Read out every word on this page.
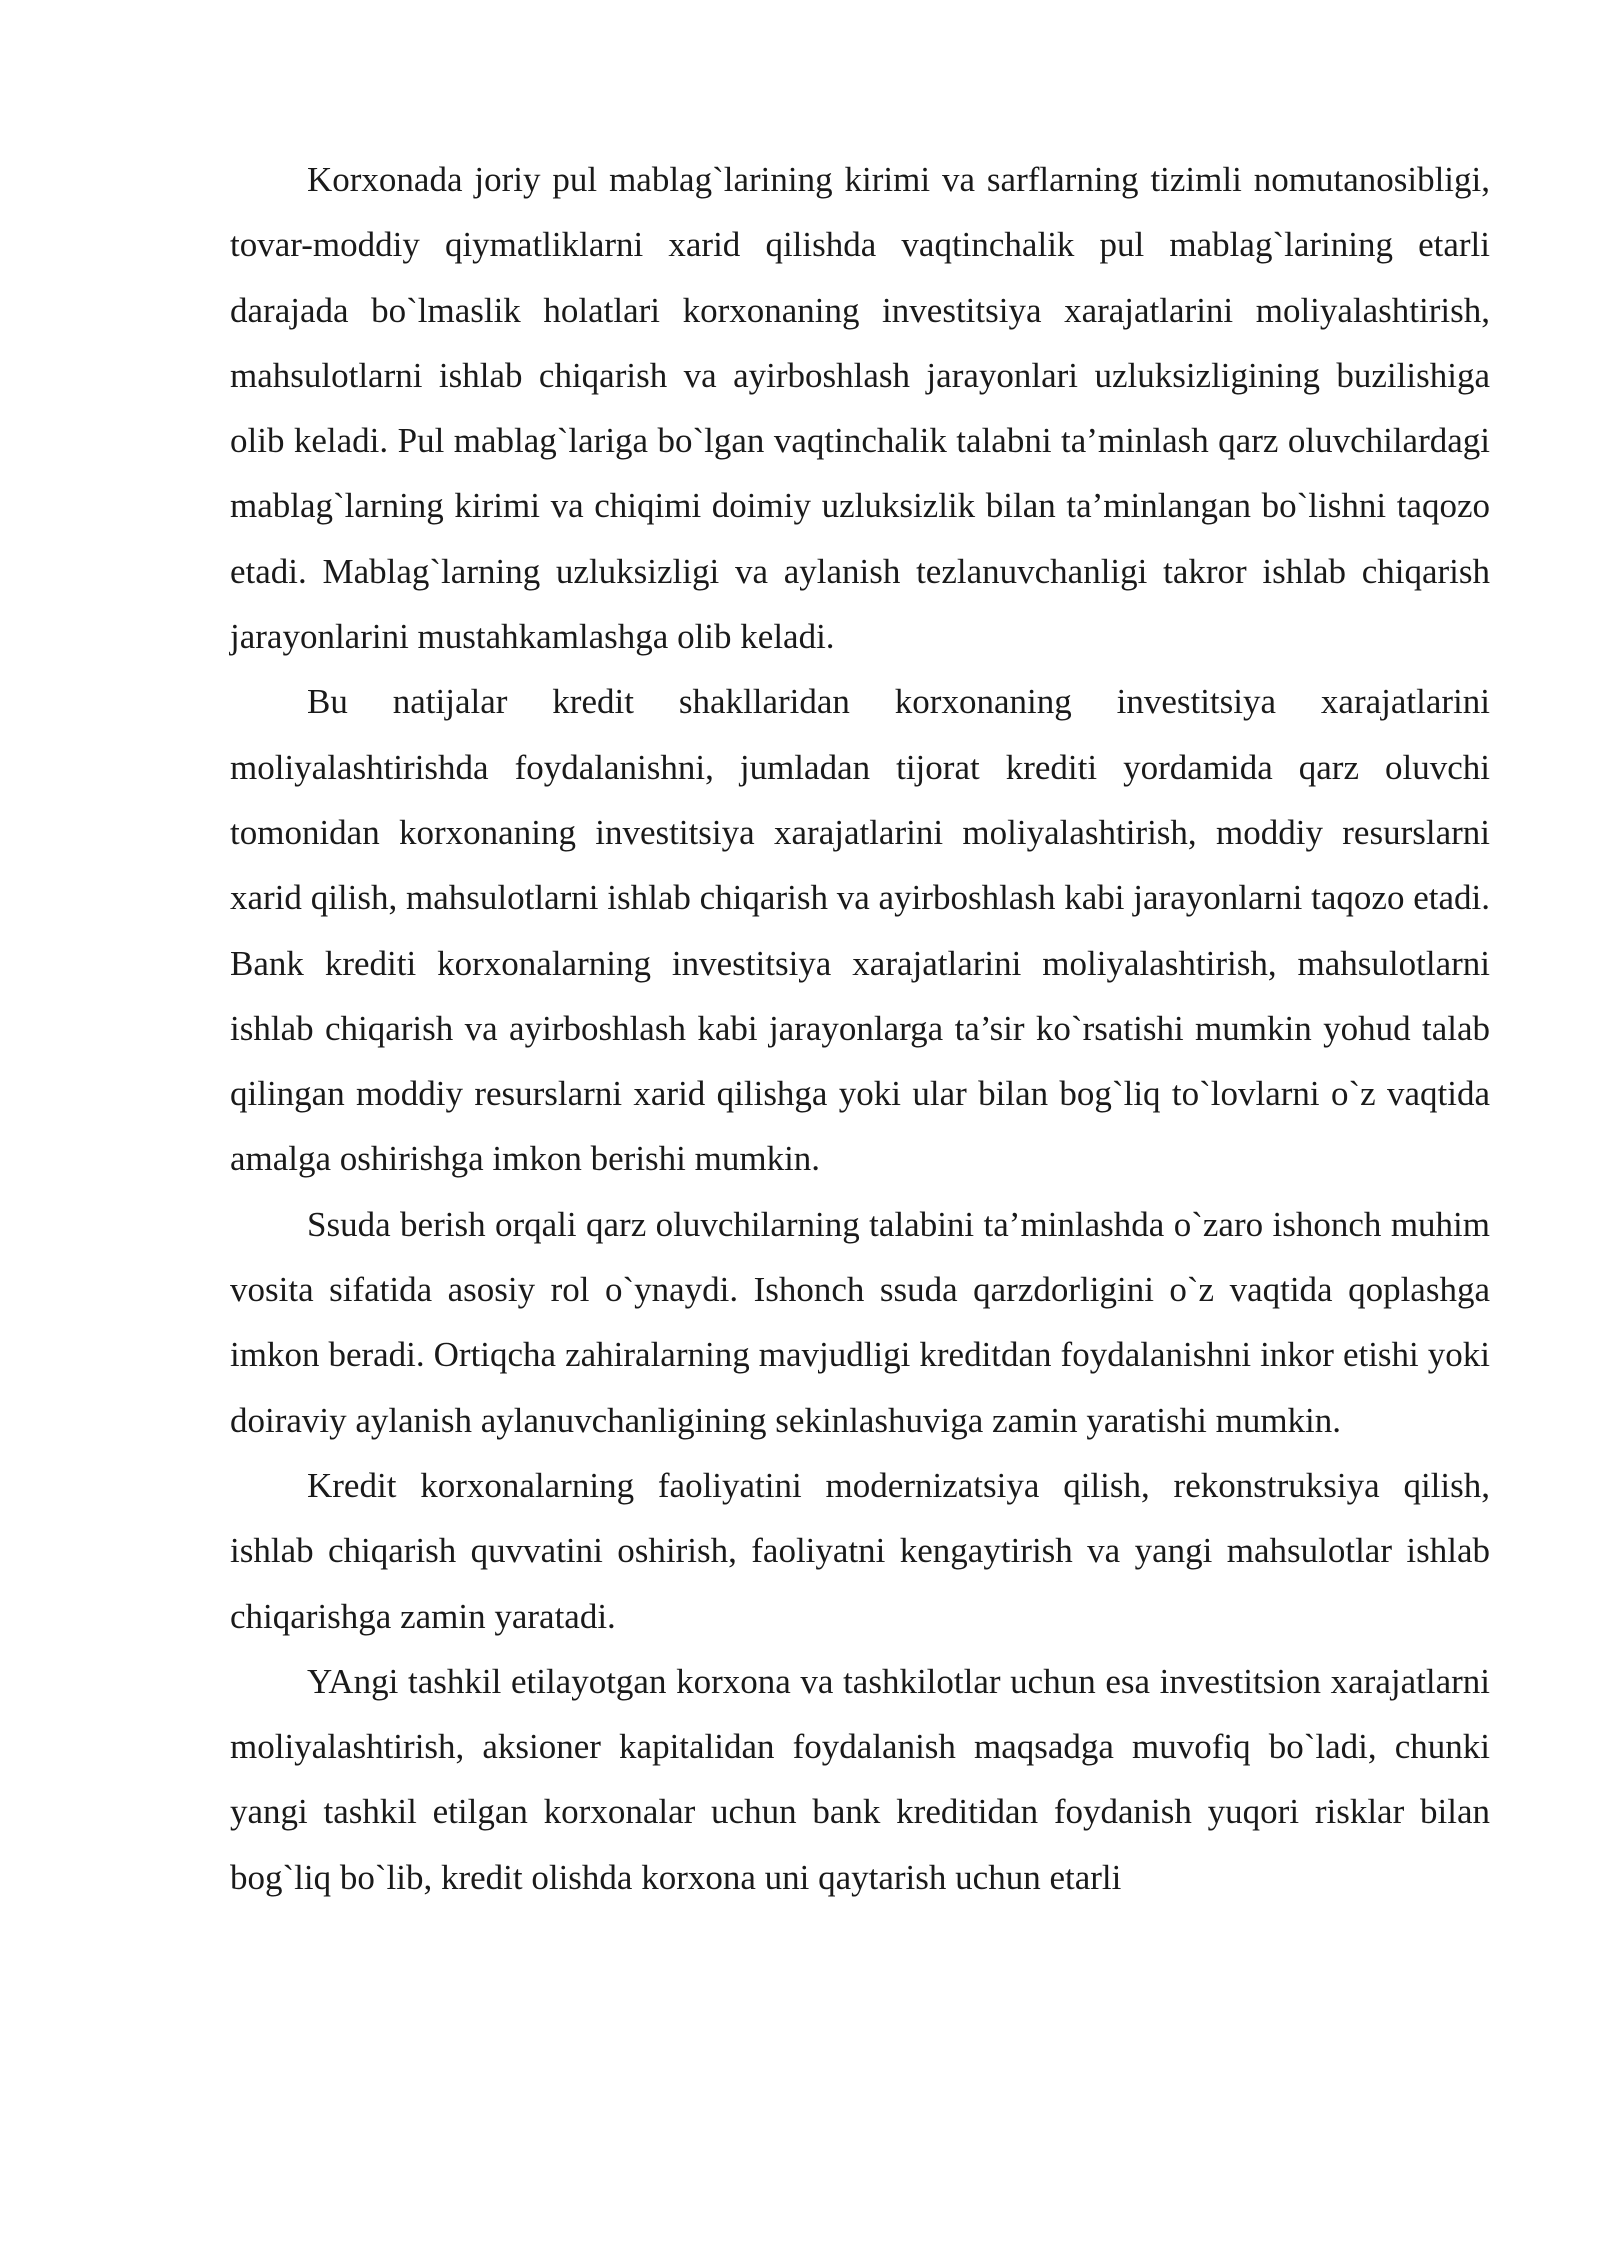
Korxonada joriy pul mablag`larining kirimi va sarflarning tizimli nomutanosibligi, tovar-moddiy qiymatliklarni xarid qilishda vaqtinchalik pul mablag`larining etarli darajada bo`lmaslik holatlari korxonaning investitsiya xarajatlarini moliyalashtirish, mahsulotlarni ishlab chiqarish va ayirboshlash jarayonlari uzluksizligining buzilishiga olib keladi. Pul mablag`lariga bo`lgan vaqtinchalik talabni ta’minlash qarz oluvchilardagi mablag`larning kirimi va chiqimi doimiy uzluksizlik bilan ta’minlangan bo`lishni taqozo etadi. Mablag`larning uzluksizligi va aylanish tezlanuvchanligi takror ishlab chiqarish jarayonlarini mustahkamlashga olib keladi.

Bu natijalar kredit shakllaridan korxonaning investitsiya xarajatlarini moliyalashtirishda foydalanishni, jumladan tijorat krediti yordamida qarz oluvchi tomonidan korxonaning investitsiya xarajatlarini moliyalashtirish, moddiy resurslarni xarid qilish, mahsulotlarni ishlab chiqarish va ayirboshlash kabi jarayonlarni taqozo etadi. Bank krediti korxonalarning investitsiya xarajatlarini moliyalashtirish, mahsulotlarni ishlab chiqarish va ayirboshlash kabi jarayonlarga ta’sir ko`rsatishi mumkin yohud talab qilingan moddiy resurslarni xarid qilishga yoki ular bilan bog`liq to`lovlarni o`z vaqtida amalga oshirishga imkon berishi mumkin.

Ssuda berish orqali qarz oluvchilarning talabini ta’minlashda o`zaro ishonch muhim vosita sifatida asosiy rol o`ynaydi. Ishonch ssuda qarzdorligini o`z vaqtida qoplashga imkon beradi. Ortiqcha zahiralarning mavjudligi kreditdan foydalanishni inkor etishi yoki doiraviy aylanish aylanuvchanligining sekinlashuviga zamin yaratishi mumkin.

Kredit korxonalarning faoliyatini modernizatsiya qilish, rekonstruksiya qilish, ishlab chiqarish quvvatini oshirish, faoliyatni kengaytirish va yangi mahsulotlar ishlab chiqarishga zamin yaratadi.

YAngi tashkil etilayotgan korxona va tashkilotlar uchun esa investitsion xarajatlarni moliyalashtirish, aksioner kapitalidan foydalanish maqsadga muvofiq bo`ladi, chunki yangi tashkil etilgan korxonalar uchun bank kreditidan foydanish yuqori risklar bilan bog`liq bo`lib, kredit olishda korxona uni qaytarish uchun etarli
